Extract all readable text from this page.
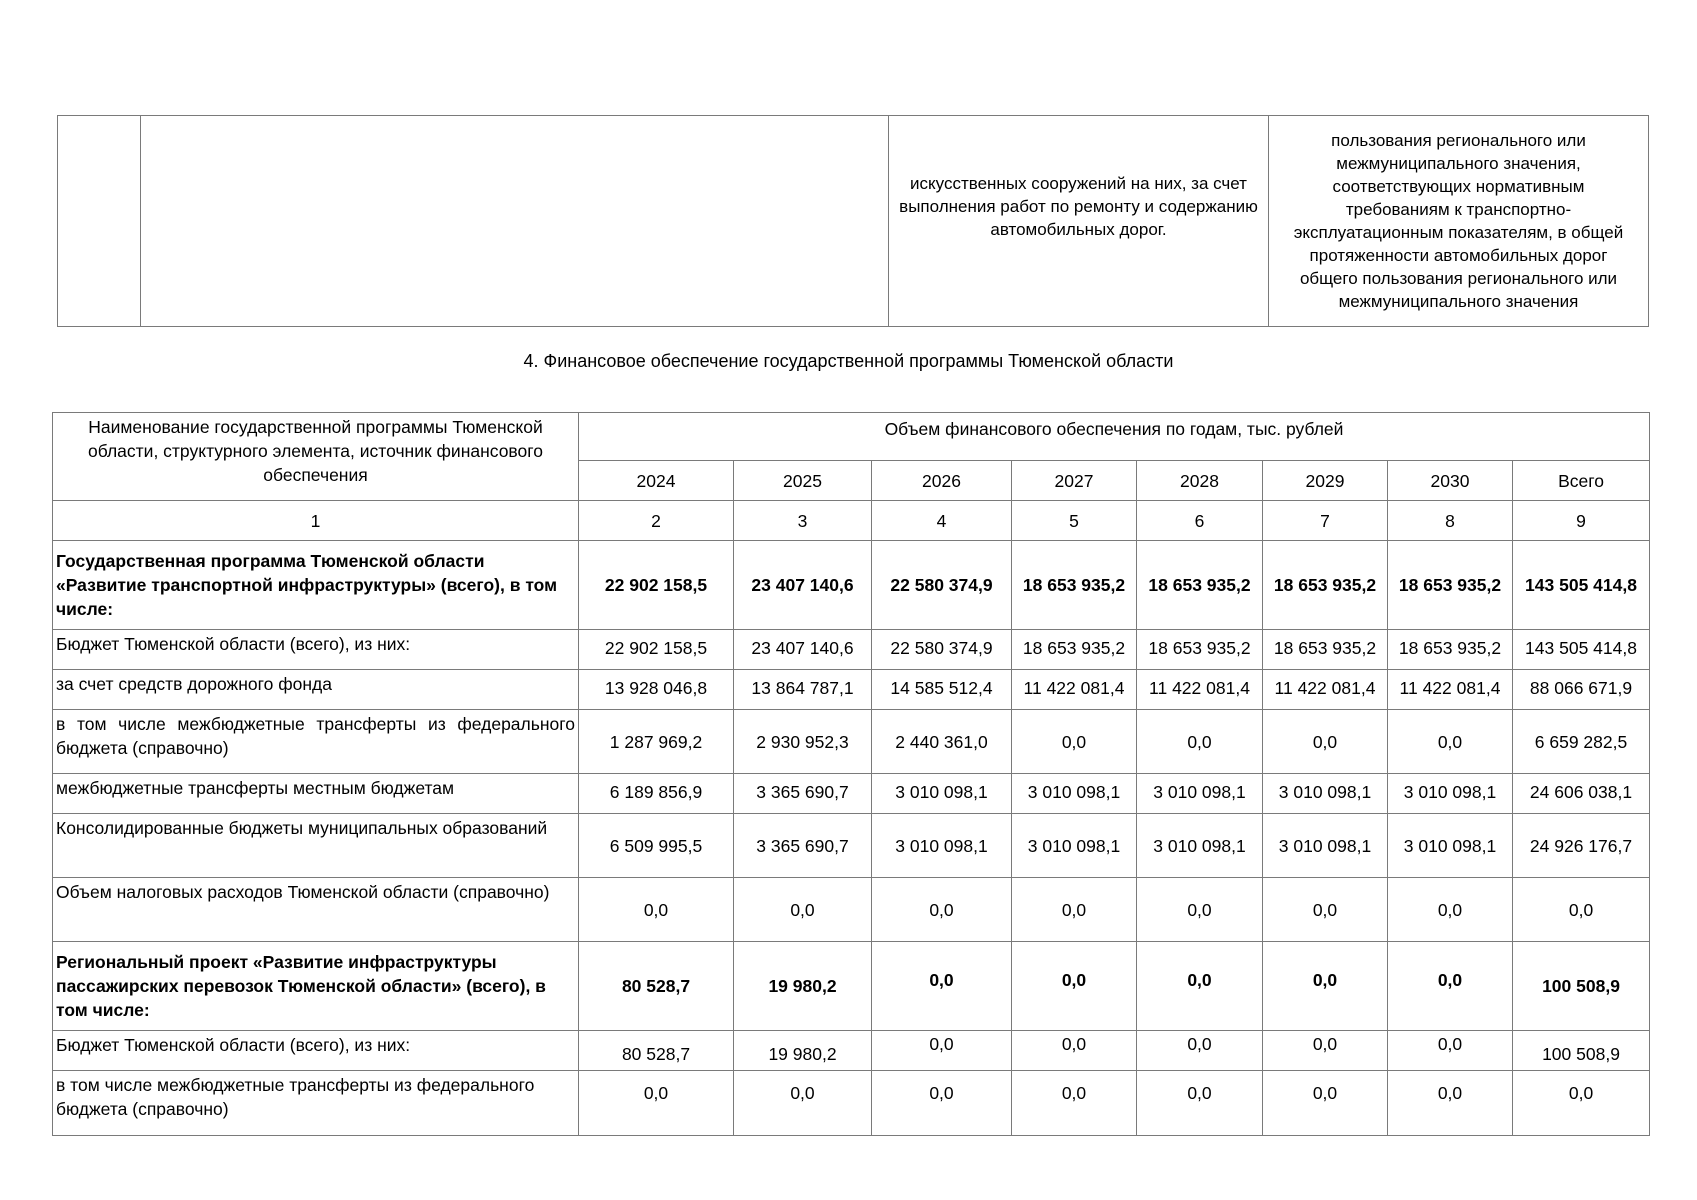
		искусственных сооружений на них, за счет выполнения работ по ремонту и содержанию автомобильных дорог.	пользования регионального или межмуниципального значения, соответствующих нормативным требованиям к транспортно-эксплуатационным показателям, в общей протяженности автомобильных дорог общего пользования регионального или межмуниципального значения
4. Финансовое обеспечение государственной программы Тюменской области
Наименование государственной программы Тюменской области, структурного элемента, источник финансового обеспечения	Объем финансового обеспечения по годам, тыс. рублей							
	2024	2025	2026	2027	2028	2029	2030	Всего
1	2	3	4	5	6	7	8	9
Государственная программа Тюменской области «Развитие транспортной инфраструктуры» (всего), в том числе:	22 902 158,5	23 407 140,6	22 580 374,9	18 653 935,2	18 653 935,2	18 653 935,2	18 653 935,2	143 505 414,8
Бюджет Тюменской области (всего), из них:	22 902 158,5	23 407 140,6	22 580 374,9	18 653 935,2	18 653 935,2	18 653 935,2	18 653 935,2	143 505 414,8
за счет средств дорожного фонда	13 928 046,8	13 864 787,1	14 585 512,4	11 422 081,4	11 422 081,4	11 422 081,4	11 422 081,4	88 066 671,9
в том числе межбюджетные трансферты из федерального бюджета (справочно)	1 287 969,2	2 930 952,3	2 440 361,0	0,0	0,0	0,0	0,0	6 659 282,5
межбюджетные трансферты местным бюджетам	6 189 856,9	3 365 690,7	3 010 098,1	3 010 098,1	3 010 098,1	3 010 098,1	3 010 098,1	24 606 038,1
Консолидированные бюджеты муниципальных образований	6 509 995,5	3 365 690,7	3 010 098,1	3 010 098,1	3 010 098,1	3 010 098,1	3 010 098,1	24 926 176,7
Объем налоговых расходов Тюменской области (справочно)	0,0	0,0	0,0	0,0	0,0	0,0	0,0	0,0
Региональный проект «Развитие инфраструктуры пассажирских перевозок Тюменской области» (всего), в том числе:	80 528,7	19 980,2	0,0	0,0	0,0	0,0	0,0	100 508,9
Бюджет Тюменской области (всего), из них:	80 528,7	19 980,2	0,0	0,0	0,0	0,0	0,0	100 508,9
в том числе межбюджетные трансферты из федерального бюджета (справочно)	0,0	0,0	0,0	0,0	0,0	0,0	0,0	0,0
